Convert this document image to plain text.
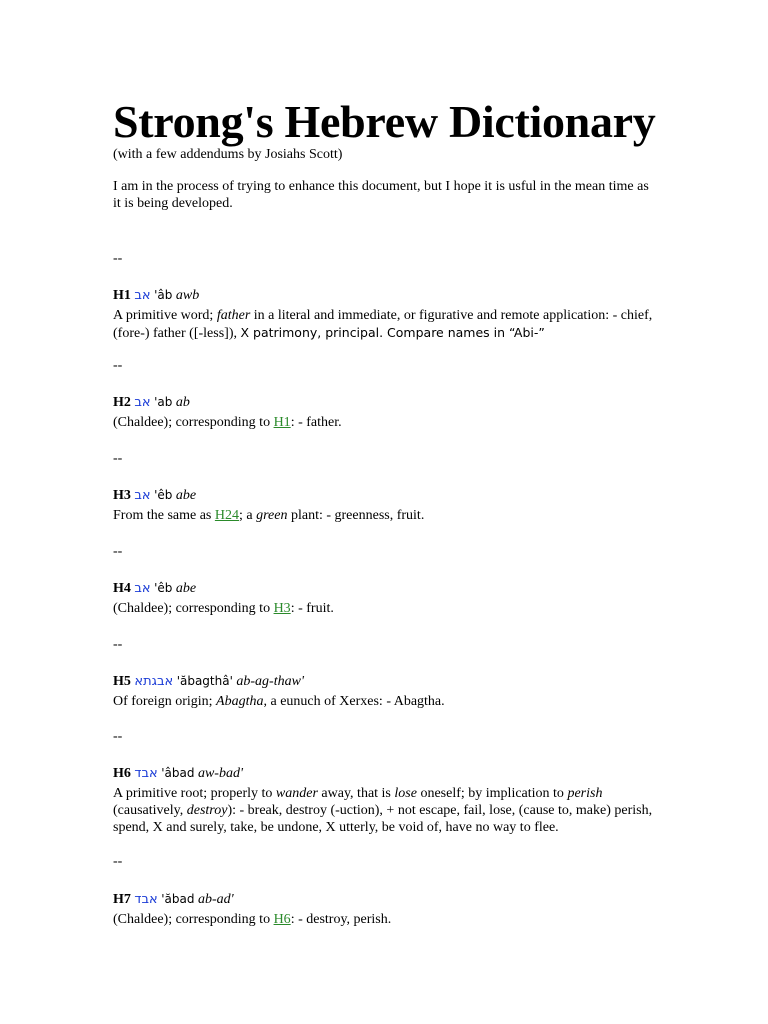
Strong's Hebrew Dictionary
(with a few addendums by Josiahs Scott)
I am in the process of trying to enhance this document, but I hope it is usful in the mean time as it is being developed.
--
H1 אב 'âb awb
A primitive word; father in a literal and immediate, or figurative and remote application: - chief, (fore-) father ([-less]), X patrimony, principal. Compare names in “Abi-”
--
H2 אב 'ab ab
(Chaldee); corresponding to H1: - father.
--
H3 אב 'êb abe
From the same as H24; a green plant: - greenness, fruit.
--
H4 אב 'êb abe
(Chaldee); corresponding to H3: - fruit.
--
H5 אבגתא 'ăbagthâ' ab-ag-thaw'
Of foreign origin; Abagtha, a eunuch of Xerxes: - Abagtha.
--
H6 אבד 'âbad aw-bad'
A primitive root; properly to wander away, that is lose oneself; by implication to perish (causatively, destroy): - break, destroy (-uction), + not escape, fail, lose, (cause to, make) perish, spend, X and surely, take, be undone, X utterly, be void of, have no way to flee.
--
H7 אבד 'ăbad ab-ad'
(Chaldee); corresponding to H6: - destroy, perish.
